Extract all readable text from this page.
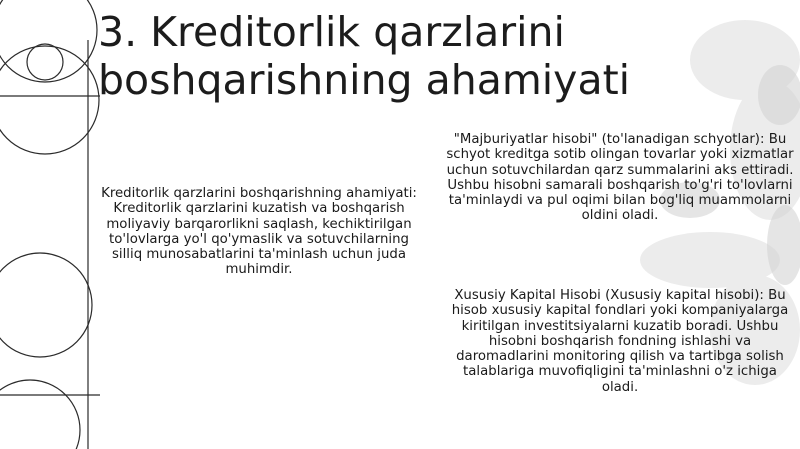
3. Kreditorlik qarzlarini boshqarishning ahamiyati

Kreditorlik qarzlarini boshqarishning ahamiyati: Kreditorlik qarzlarini kuzatish va boshqarish moliyaviy barqarorlikni saqlash, kechiktirilgan to'lovlarga yo'l qo'ymaslik va sotuvchilarning silliq munosabatlarini ta'minlash uchun juda muhimdir.

"Majburiyatlar hisobi" (to'lanadigan schyotlar): Bu schyot kreditga sotib olingan tovarlar yoki xizmatlar uchun sotuvchilardan qarz summalarini aks ettiradi. Ushbu hisobni samarali boshqarish to'g'ri to'lovlarni ta'minlaydi va pul oqimi bilan bog'liq muammolarni oldini oladi.

Xususiy Kapital Hisobi (Xususiy kapital hisobi): Bu hisob xususiy kapital fondlari yoki kompaniyalarga kiritilgan investitsiyalarni kuzatib boradi. Ushbu hisobni boshqarish fondning ishlashi va daromadlarini monitoring qilish va tartibga solish talablariga muvofiqligini ta'minlashni o'z ichiga oladi.
